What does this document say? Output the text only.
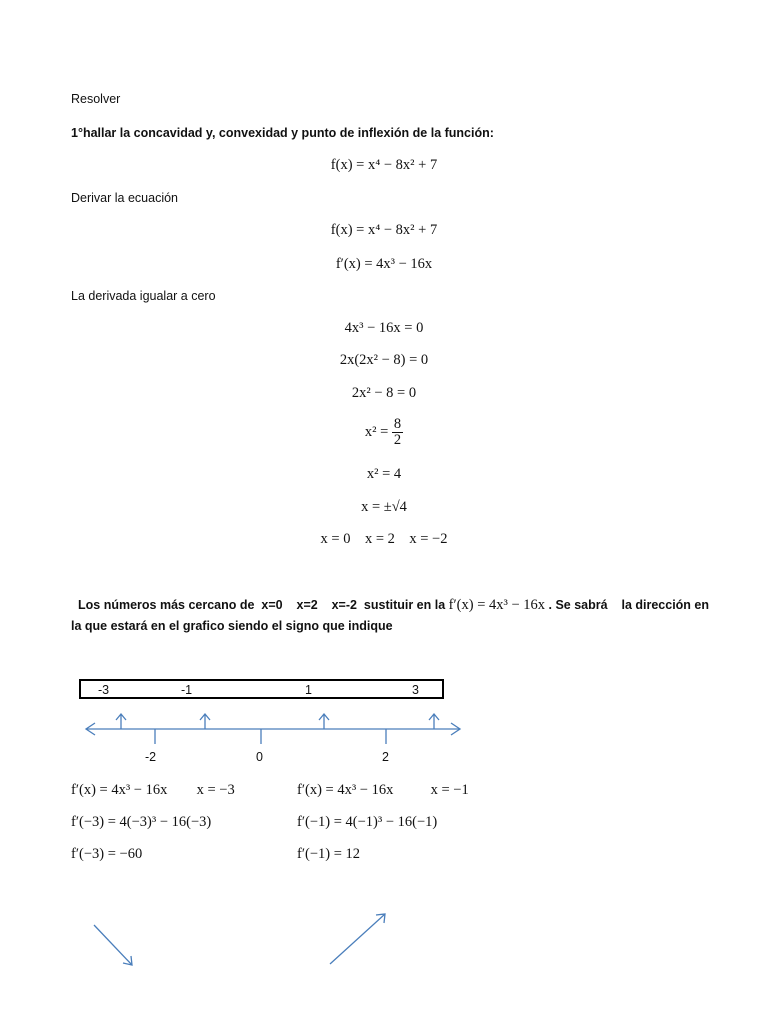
Resolver
1°hallar la concavidad y, convexidad y punto de inflexión de la función:
f(x) = x⁴ − 8x² + 7
Derivar la ecuación
f(x) = x⁴ − 8x² + 7
f′(x) = 4x³ − 16x
La derivada igualar a cero
4x³ − 16x = 0
2x(2x² − 8) = 0
2x² − 8 = 0
$x^2 = \frac{8}{2}$
x² = 4
x = ±√4
x = 0    x = 2    x = −2
Los números más cercano de  x=0    x=2    x=-2  sustituir en la f′(x) = 4x³ − 16x . Se sabrá    la dirección en
la que estará en el grafico siendo el signo que indique
-3	-1	1	3
-2	0	2
f′(x) = 4x³ − 16x x = −3
f′(−3) = 4(−3)³ − 16(−3)
f′(−3) = −60
f′(x) = 4x³ − 16x	x = −1
f′(−1) = 4(−1)³ − 16(−1)
f′(−1) = 12
